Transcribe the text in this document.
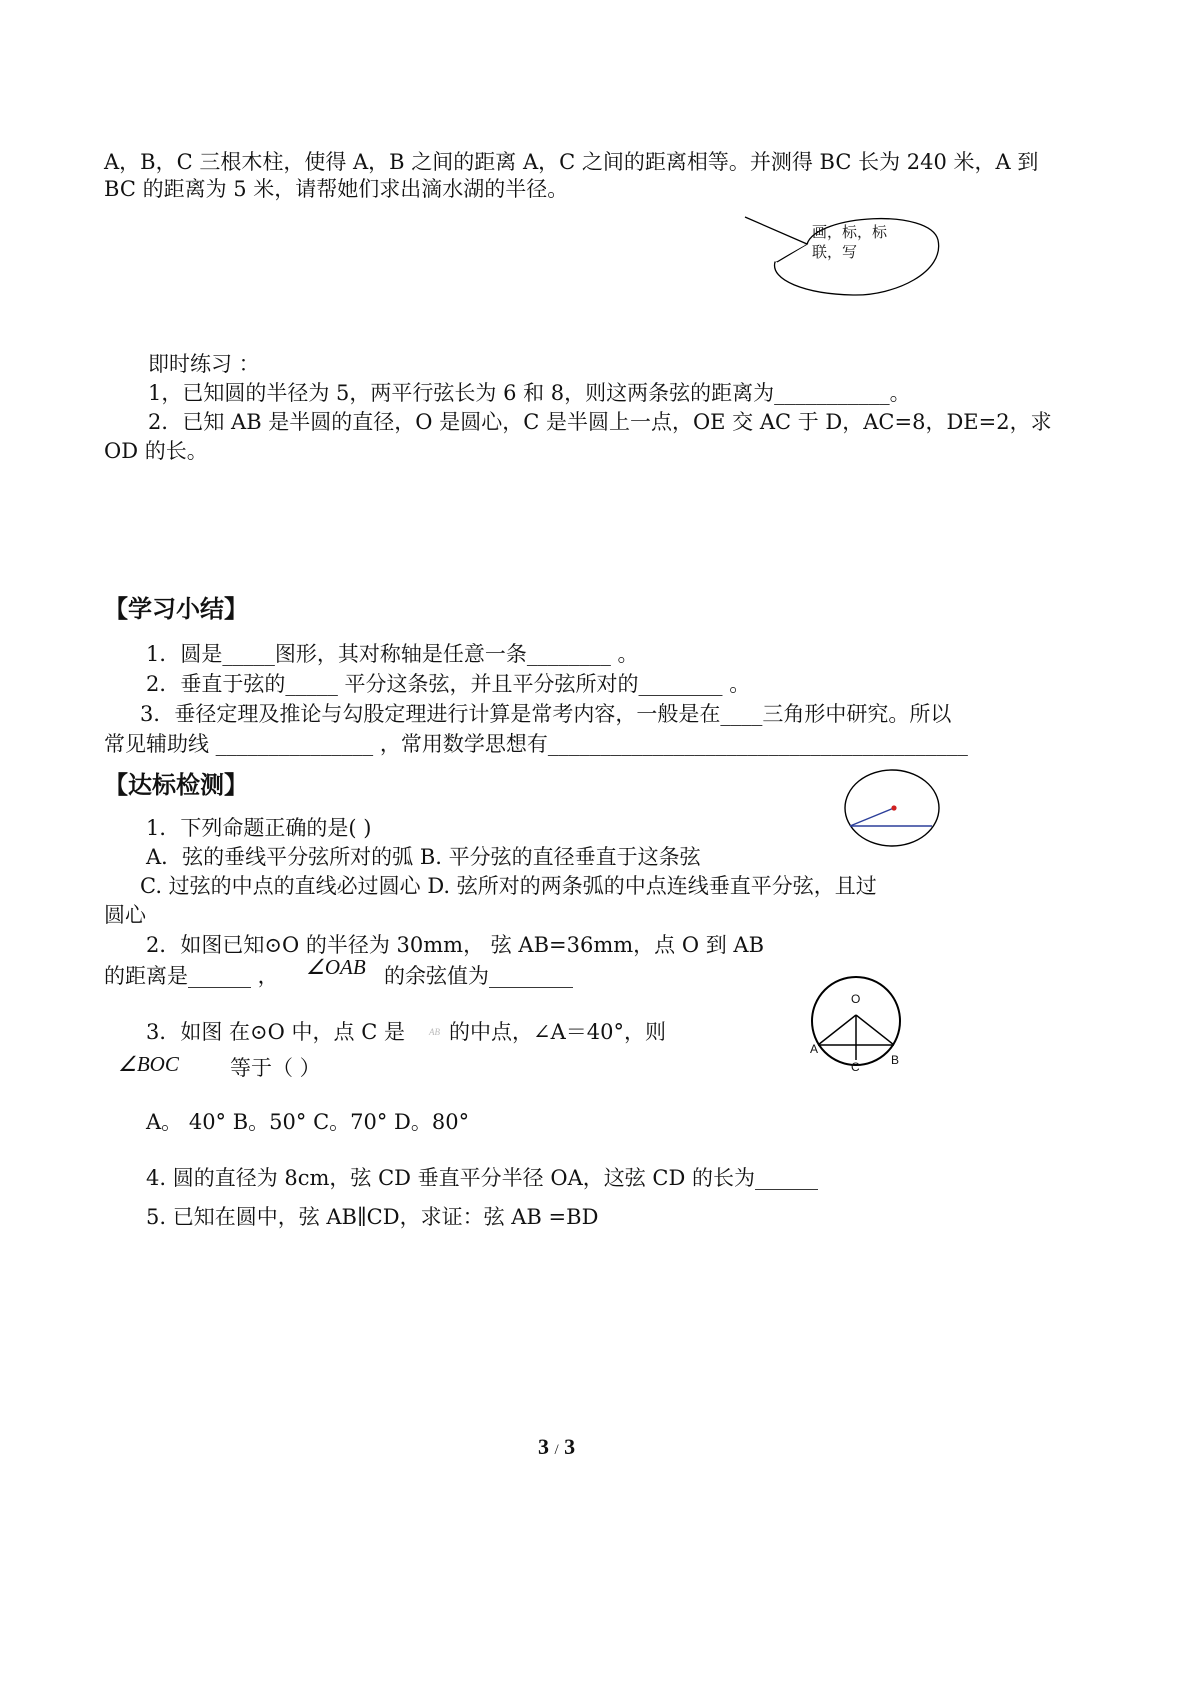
A，B，C 三根木柱，使得 A，B 之间的距离 A，C 之间的距离相等。并测得 BC 长为 240 米，A 到
BC 的距离为 5 米，请帮她们求出滴水湖的半径。
画，标，标
联，写
即时练习 ：
1，已知圆的半径为 5，两平行弦长为 6 和 8，则这两条弦的距离为___________。
2．已知 AB 是半圆的直径，O 是圆心，C 是半圆上一点，OE 交 AC 于 D，AC=8，DE=2，求
OD 的长。
【学习小结】
1．圆是_____图形，其对称轴是任意一条________ 。
2．垂直于弦的_____ 平分这条弦，并且平分弦所对的________ 。
3．垂径定理及推论与勾股定理进行计算是常考内容，一般是在____三角形中研究。所以
常见辅助线 _______________ ，常用数学思想有________________________________________
【达标检测】
1．下列命题正确的是( )
A．弦的垂线平分弦所对的弧 B. 平分弦的直径垂直于这条弦
C. 过弦的中点的直线必过圆心 D. 弦所对的两条弧的中点连线垂直平分弦，且过
圆心
2．如图已知⊙O 的半径为 30mm， 弦 AB=36mm，点 O 到 AB
的距离是______ ， ∠OAB 的余弦值为________
3．如图 在⊙O 中，点 C 是	$^{AB}$ 的中点，∠A＝40°，则
∠BOC 等于（ ）
O
A
C	B
A。 40° B。50° C。70° D。80°
4. 圆的直径为 8cm，弦 CD 垂直平分半径 OA，这弦 CD 的长为______
5. 已知在圆中，弦 AB∥CD，求证：弦 AB =BD
3 / 3
